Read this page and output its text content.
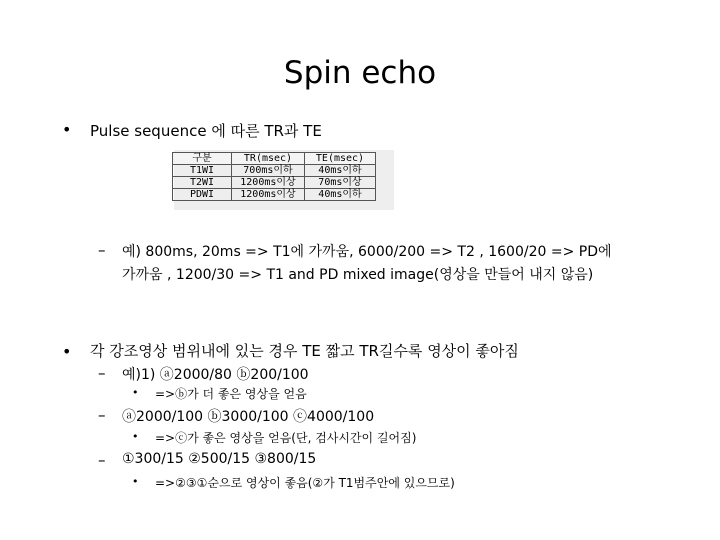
Spin echo
• Pulse sequence 에 따른 TR과 TE
구분	TR(msec)	TE(msec)
T1WI	700ms이하	40ms이하
T2WI	1200ms이상	70ms이상
PDWI	1200ms이상	40ms이하
– 예) 800ms, 20ms => T1에 가까움, 6000/200 => T2 , 1600/20 => PD에
가까움 , 1200/30 => T1 and PD mixed image(영상을 만들어 내지 않음)
• 각 강조영상 범위내에 있는 경우 TE 짧고 TR길수록 영상이 좋아짐
– 예)1) ⓐ2000/80 ⓑ200/100
• =>ⓑ가 더 좋은 영상을 얻음
– ⓐ2000/100 ⓑ3000/100 ⓒ4000/100
• =>ⓒ가 좋은 영상을 얻음(단, 검사시간이 길어짐)
– ①300/15 ②500/15 ③800/15
• =>②③①순으로 영상이 좋음(②가 T1범주안에 있으므로)
